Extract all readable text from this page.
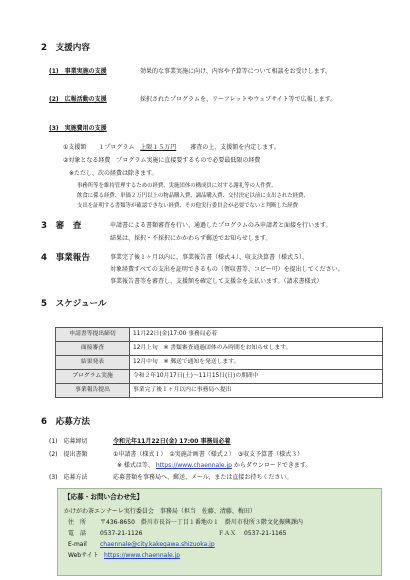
2　支援内容
(1)　事業実施の支援	効果的な事業実施に向け、内容や予算等について相談をお受けします。
(2)　広報活動の支援	採択されたプログラムを、リーフレットやウェブサイト等で広報します。
(3)　実施費用の支援
①支援額　　１プログラム 上限１５万円 審査の上、支援額を内定します。
②対象となる経費　プログラム実施に直接要するもので必要最低限の経費
※ただし、次の経費は除きます。
事務所等を維持管理するための経費、実施団体の構成員に対する謝礼等の人件費、
飲食に係る経費、単価２万円以上の物品購入費、調品購入費、交付決定以前に支出された経費、
支出を証明する書類等が確認できない経費、その他実行委員会が必要でないと判断した経費
3　審　査	申請書による書類審査を行い、通過したプログラムのみ申請者と面接を行います。
結果は、採択・不採択にかかわらず郵送でお知らせします。
4　事業報告	事業完了後１ヶ月以内に、事業報告書（様式４）、収支決算書（様式５）、
対象経費すべての支出を証明できるもの（領収書等、コピー可）を提出してください。
事業報告書等を審査し、支援額を確定して支援金を支払います。（請求書様式）
5　スケジュール
申請書等提出締切	11月22日(金)17:00 事務局必着
面接審査	12月上旬　※ 書類審査通過団体のみ時間をお知らせします。
結果発表	12月中旬　※ 郵送で通知を発送します。
プログラム実施	令和２年10月17日(土)～11月15日(日)の期間中
事業報告提出	事業完了後１ヶ月以内に事務局へ提出
6　応募方法
(1)　応募締切	令和元年11月22日(金) 17:00 事務局必着
(2)　提出書類	①申請書（様式１）　②実施計画書（様式２）　③収支予算書（様式３）
※ 様式は等、 https://www.chaennale.jp からダウンロードできます。
(3)　応募方法	応募書類を事務局へ、郵送、メール、または直接お持ちください。
【応募・お問い合わせ先】
かけがわ茶エンナーレ実行委員会　事務局（担当　佐藤、清藤、梅田）
住　所 〒436-8650　掛川市長谷一丁目１番地の１　掛川市役所３階文化振興課内
電　話 0537-21-1126	ＦＡＸ 0537-21-1165
E-mail chaennale@city.kakegawa.shizuoka.jp
Webサイト https://www.chaennale.jp
